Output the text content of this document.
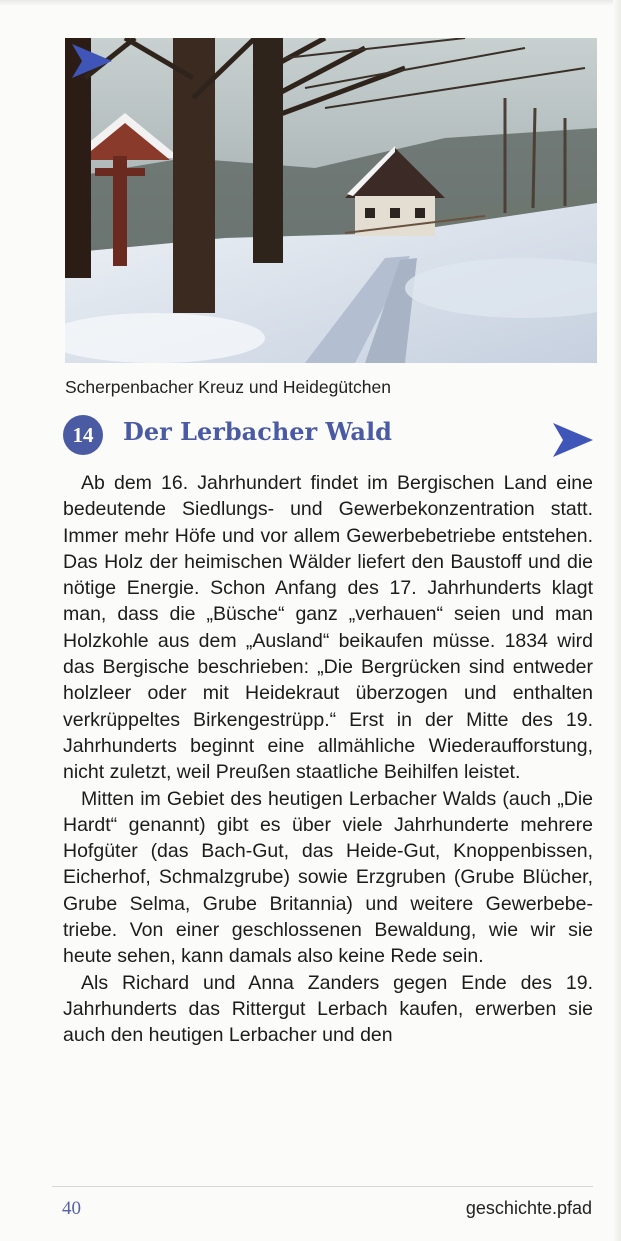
Scherpenbacher Kreuz und Heidegütchen
14	Der Lerbacher Wald

Ab dem 16. Jahrhundert findet im Bergischen Land eine bedeutende Siedlungs- und Gewerbekonzentration statt. Immer mehr Höfe und vor allem Gewerbebetriebe entstehen. Das Holz der heimischen Wälder liefert den Baustoff und die nötige Energie. Schon Anfang des 17. Jahrhunderts klagt man, dass die „Büsche“ ganz „verhauen“ seien und man Holzkohle aus dem „Ausland“ beikaufen müsse. 1834 wird das Bergische beschrieben: „Die Bergrücken sind entweder holzleer oder mit Heidekraut überzogen und enthalten verkrüppeltes Birkengestrüpp.“ Erst in der Mitte des 19. Jahrhunderts beginnt eine allmähliche Wiederaufforstung, nicht zuletzt, weil Preußen staatliche Beihilfen leistet.

Mitten im Gebiet des heutigen Lerbacher Walds (auch „Die Hardt“ genannt) gibt es über viele Jahrhunderte mehrere Hofgüter (das Bach-Gut, das Heide-Gut, Knoppenbissen, Eicherhof, Schmalzgrube) sowie Erzgruben (Grube Blücher, Grube Selma, Grube Britannia) und weitere Gewerbebetriebe. Von einer geschlossenen Bewaldung, wie wir sie heute sehen, kann damals also keine Rede sein.

Als Richard und Anna Zanders gegen Ende des 19. Jahrhunderts das Rittergut Lerbach kaufen, erwerben sie auch den heutigen Lerbacher und den

40	geschichte.pfad
